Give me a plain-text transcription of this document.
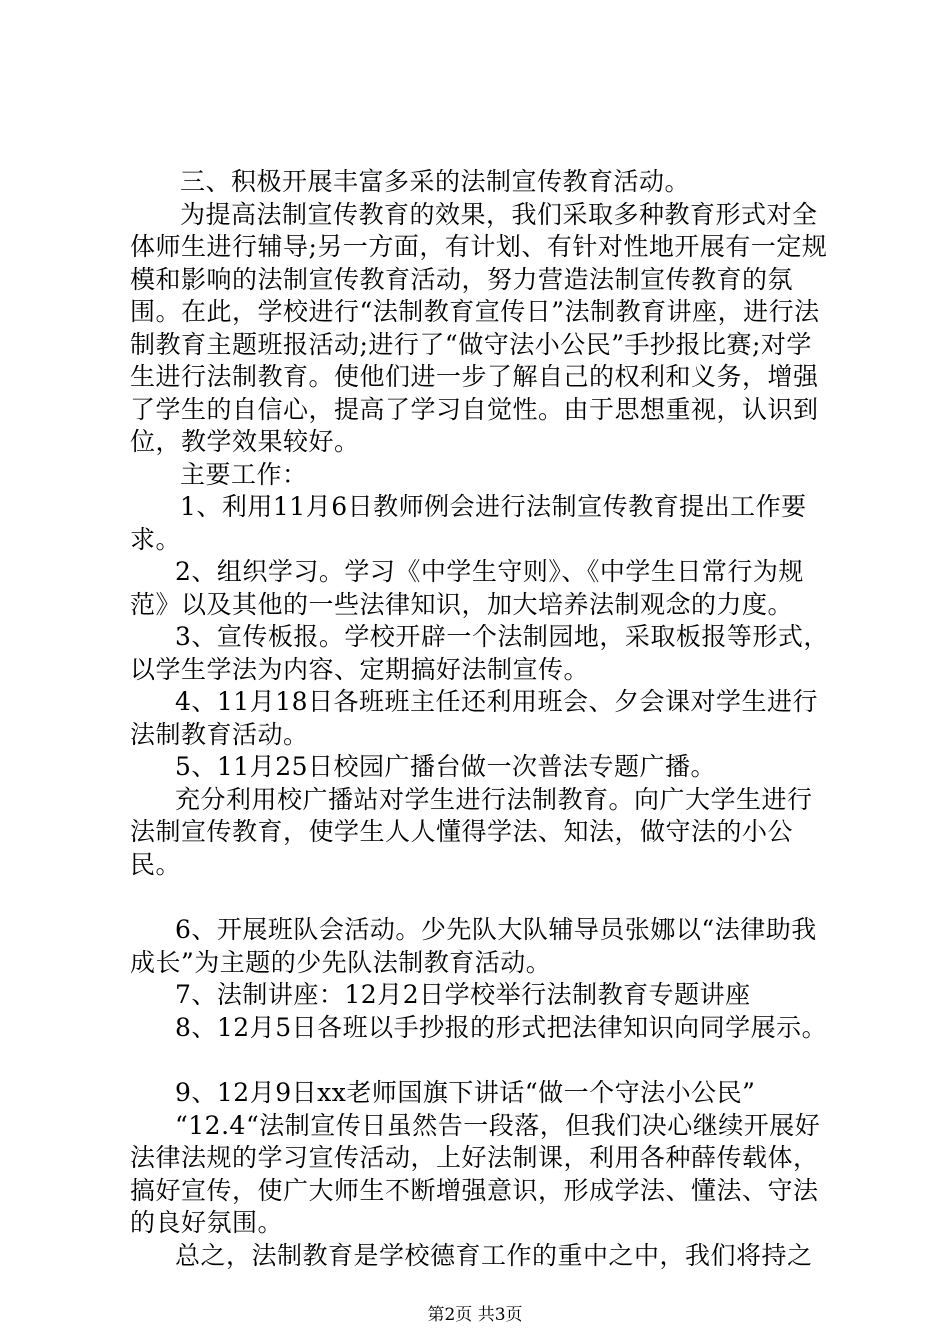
三、积极开展丰富多采的法制宣传教育活动。

为提高法制宣传教育的效果，我们采取多种教育形式对全体师生进行辅导;另一方面，有计划、有针对性地开展有一定规模和影响的法制宣传教育活动，努力营造法制宣传教育的氛围。在此，学校进行“法制教育宣传日”法制教育讲座，进行法制教育主题班报活动;进行了“做守法小公民”手抄报比赛;对学生进行法制教育。使他们进一步了解自己的权利和义务，增强了学生的自信心，提高了学习自觉性。由于思想重视，认识到位，教学效果较好。

主要工作：

1、利用11月6日教师例会进行法制宣传教育提出工作要求。

2、组织学习。学习《中学生守则》、《中学生日常行为规范》以及其他的一些法律知识，加大培养法制观念的力度。

3、宣传板报。学校开辟一个法制园地，采取板报等形式，以学生学法为内容、定期搞好法制宣传。

4、11月18日各班班主任还利用班会、夕会课对学生进行法制教育活动。

5、11月25日校园广播台做一次普法专题广播。

充分利用校广播站对学生进行法制教育。向广大学生进行法制宣传教育，使学生人人懂得学法、知法，做守法的小公民。

6、开展班队会活动。少先队大队辅导员张娜以“法律助我成长”为主题的少先队法制教育活动。

7、法制讲座：12月2日学校举行法制教育专题讲座

8、12月5日各班以手抄报的形式把法律知识向同学展示。

9、12月9日xx老师国旗下讲话“做一个守法小公民”

“12.4“法制宣传日虽然告一段落，但我们决心继续开展好法律法规的学习宣传活动，上好法制课，利用各种薛传载体，搞好宣传，使广大师生不断增强意识，形成学法、懂法、守法的良好氛围。

总之，法制教育是学校德育工作的重中之中，我们将持之

第2页 共3页
